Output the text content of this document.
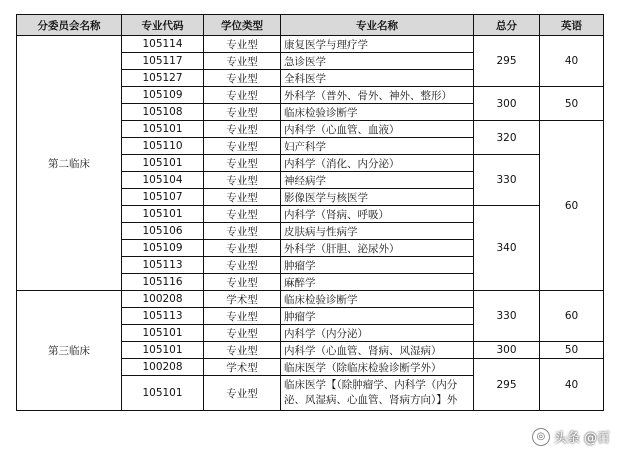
分委员会名称	专业代码	学位类型	专业名称	总分	英语
第二临床	105114	专业型	康复医学与理疗学	295	40
	105117	专业型	急诊医学		
	105127	专业型	全科医学		
	105109	专业型	外科学（普外、骨外、神外、整形）	300	50
	105108	专业型	临床检验诊断学		
	105101	专业型	内科学（心血管、血液）	320	60
	105110	专业型	妇产科学		
	105101	专业型	内科学（消化、内分泌）	330	
	105104	专业型	神经病学		
	105107	专业型	影像医学与核医学		
	105101	专业型	内科学（肾病、呼吸）	340	
	105106	专业型	皮肤病与性病学		
	105109	专业型	外科学（肝胆、泌尿外）		
	105113	专业型	肿瘤学		
	105116	专业型	麻醉学		
第三临床	100208	学术型	临床检验诊断学	330	60
	105113	专业型	肿瘤学		
	105101	专业型	内科学（内分泌）		
	105101	专业型	内科学（心血管、肾病、风湿病）	300	50
	100208	学术型	临床医学（除临床检验诊断学外）	295	40
	105101	专业型	临床医学【（除肿瘤学、内科学（内分泌、风湿病、心血管、肾病方向）】外		
◎ 头条 @百
